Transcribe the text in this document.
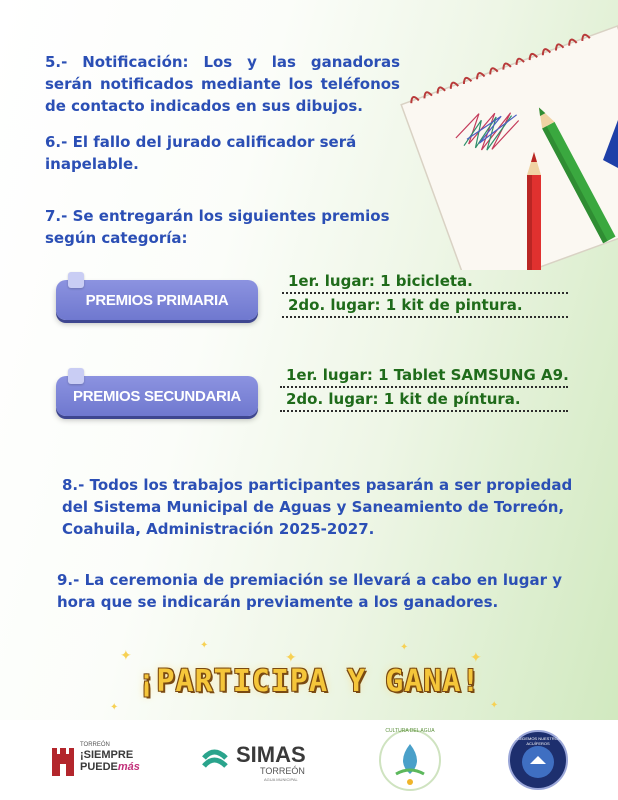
5.- Notificación: Los y las ganadoras serán notificados mediante los teléfonos de contacto indicados en sus dibujos.

6.- El fallo del jurado calificador será inapelable.

7.- Se entregarán los siguientes premios según categoría:

PREMIOS PRIMARIA
1er. lugar: 1 bicicleta.
2do. lugar: 1 kit de pintura.
PREMIOS SECUNDARIA
1er. lugar: 1 Tablet SAMSUNG A9.
2do. lugar: 1 kit de píntura.

8.- Todos los trabajos participantes pasarán a ser propiedad del Sistema Municipal de Aguas y Saneamiento de Torreón, Coahuila, Administración 2025-2027.

9.- La ceremonia de premiación se llevará a cabo en lugar y hora que se indicarán previamente a los ganadores.

✦
✦
✦
✦
✦
✦	✦
¡PARTICIPA Y GANA!
TORREÓN
¡SIEMPRE
PUEDEmás	SIMAS
TORREÓN
AGUA MUNICIPAL
CULTURA DEL AGUA
CUIDEMOS NUESTROS ACUÍFEROS
